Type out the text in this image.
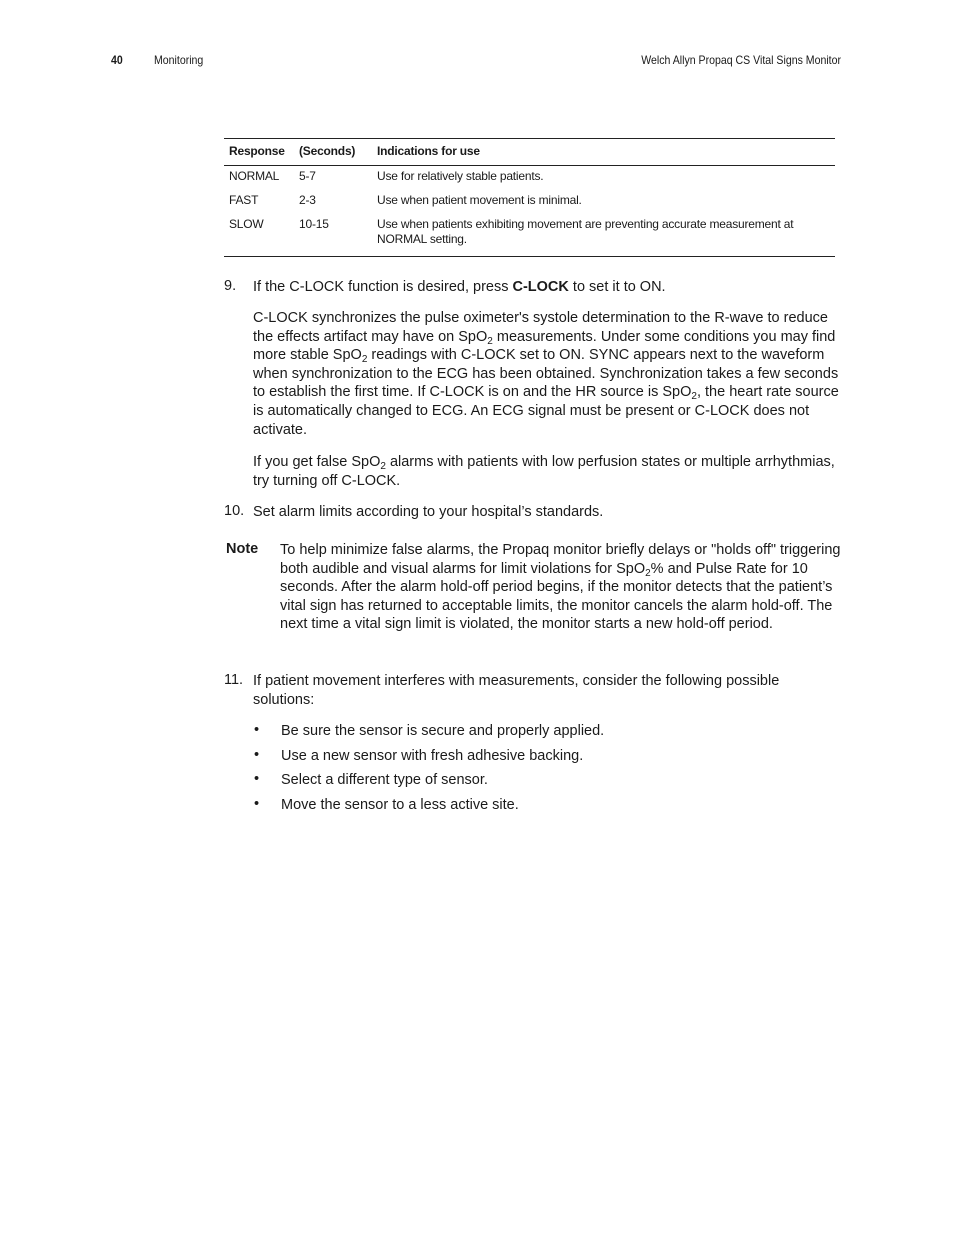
40	Monitoring	Welch Allyn Propaq CS Vital Signs Monitor
Response	(Seconds)	Indications for use
NORMAL	5-7	Use for relatively stable patients.
FAST	2-3	Use when patient movement is minimal.
SLOW	10-15	Use when patients exhibiting movement are preventing accurate measurement at NORMAL setting.
9. If the C-LOCK function is desired, press C-LOCK to set it to ON.

C-LOCK synchronizes the pulse oximeter's systole determination to the R-wave to reduce the effects artifact may have on SpO$_2$ measurements. Under some conditions you may find more stable SpO$_2$ readings with C-LOCK set to ON. SYNC appears next to the waveform when synchronization to the ECG has been obtained. Synchronization takes a few seconds to establish the first time. If C-LOCK is on and the HR source is SpO$_2$, the heart rate source is automatically changed to ECG. An ECG signal must be present or C-LOCK does not activate.

If you get false SpO$_2$ alarms with patients with low perfusion states or multiple arrhythmias, try turning off C-LOCK.

10. Set alarm limits according to your hospital’s standards.

Note To help minimize false alarms, the Propaq monitor briefly delays or "holds off" triggering both audible and visual alarms for limit violations for SpO$_2$% and Pulse Rate for 10 seconds. After the alarm hold-off period begins, if the monitor detects that the patient’s vital sign has returned to acceptable limits, the monitor cancels the alarm hold-off. The next time a vital sign limit is violated, the monitor starts a new hold-off period.

11. If patient movement interferes with measurements, consider the following possible solutions:

• Be sure the sensor is secure and properly applied.

• Use a new sensor with fresh adhesive backing.

• Select a different type of sensor.

• Move the sensor to a less active site.
